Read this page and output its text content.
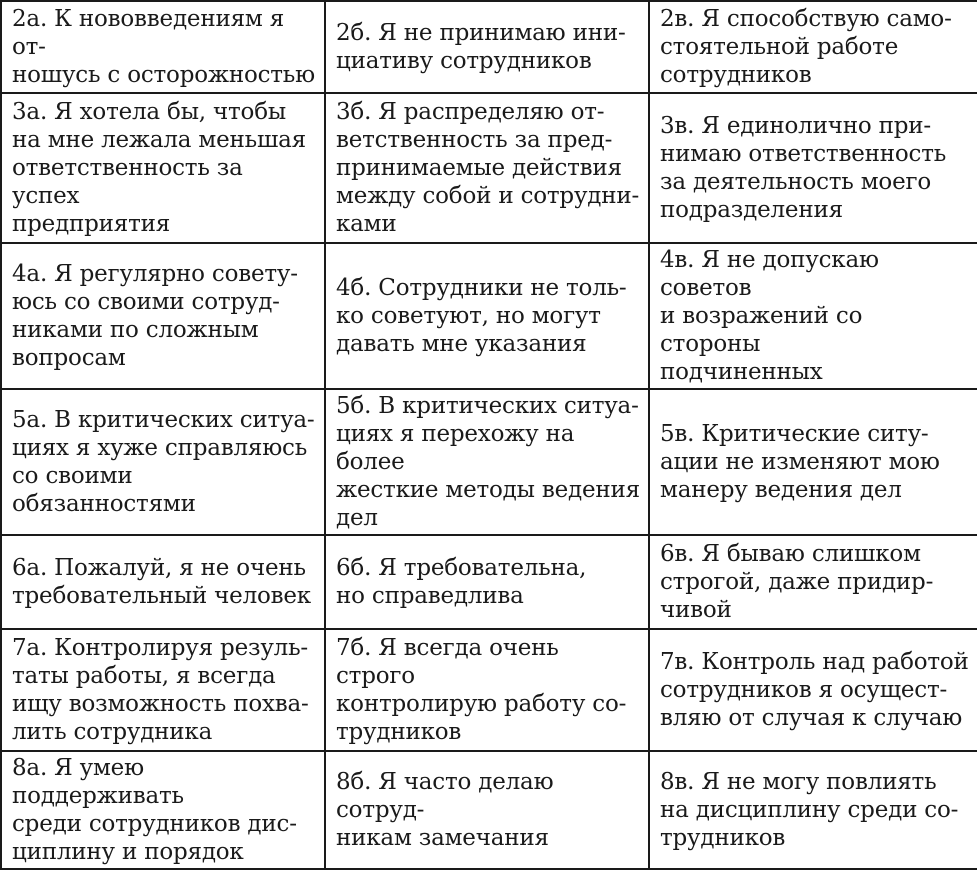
2а. К нововведениям я от-
ношусь с осторожностью	2б. Я не принимаю ини-
циативу сотрудников	2в. Я способствую само-
стоятельной работе
сотрудников
3а. Я хотела бы, чтобы
на мне лежала меньшая
ответственность за успех
предприятия	3б. Я распределяю от-
ветственность за пред-
принимаемые действия
между собой и сотрудни-
ками	3в. Я единолично при-
нимаю ответственность
за деятельность моего
подразделения
4а. Я регулярно совету-
юсь со своими сотруд-
никами по сложным
вопросам	4б. Сотрудники не толь-
ко советуют, но могут
давать мне указания	4в. Я не допускаю советов
и возражений со стороны
подчиненных
5а. В критических ситуа-
циях я хуже справляюсь
со своими обязанностями	5б. В критических ситуа-
циях я перехожу на более
жесткие методы ведения
дел	5в. Критические ситу-
ации не изменяют мою
манеру ведения дел
6а. Пожалуй, я не очень
требовательный человек	6б. Я требовательна,
но справедлива	6в. Я бываю слишком
строгой, даже придир-
чивой
7а. Контролируя резуль-
таты работы, я всегда
ищу возможность похва-
лить сотрудника	7б. Я всегда очень строго
контролирую работу со-
трудников	7в. Контроль над работой
сотрудников я осущест-
вляю от случая к случаю
8а. Я умею поддерживать
среди сотрудников дис-
циплину и порядок	8б. Я часто делаю сотруд-
никам замечания	8в. Я не могу повлиять
на дисциплину среди со-
трудников
